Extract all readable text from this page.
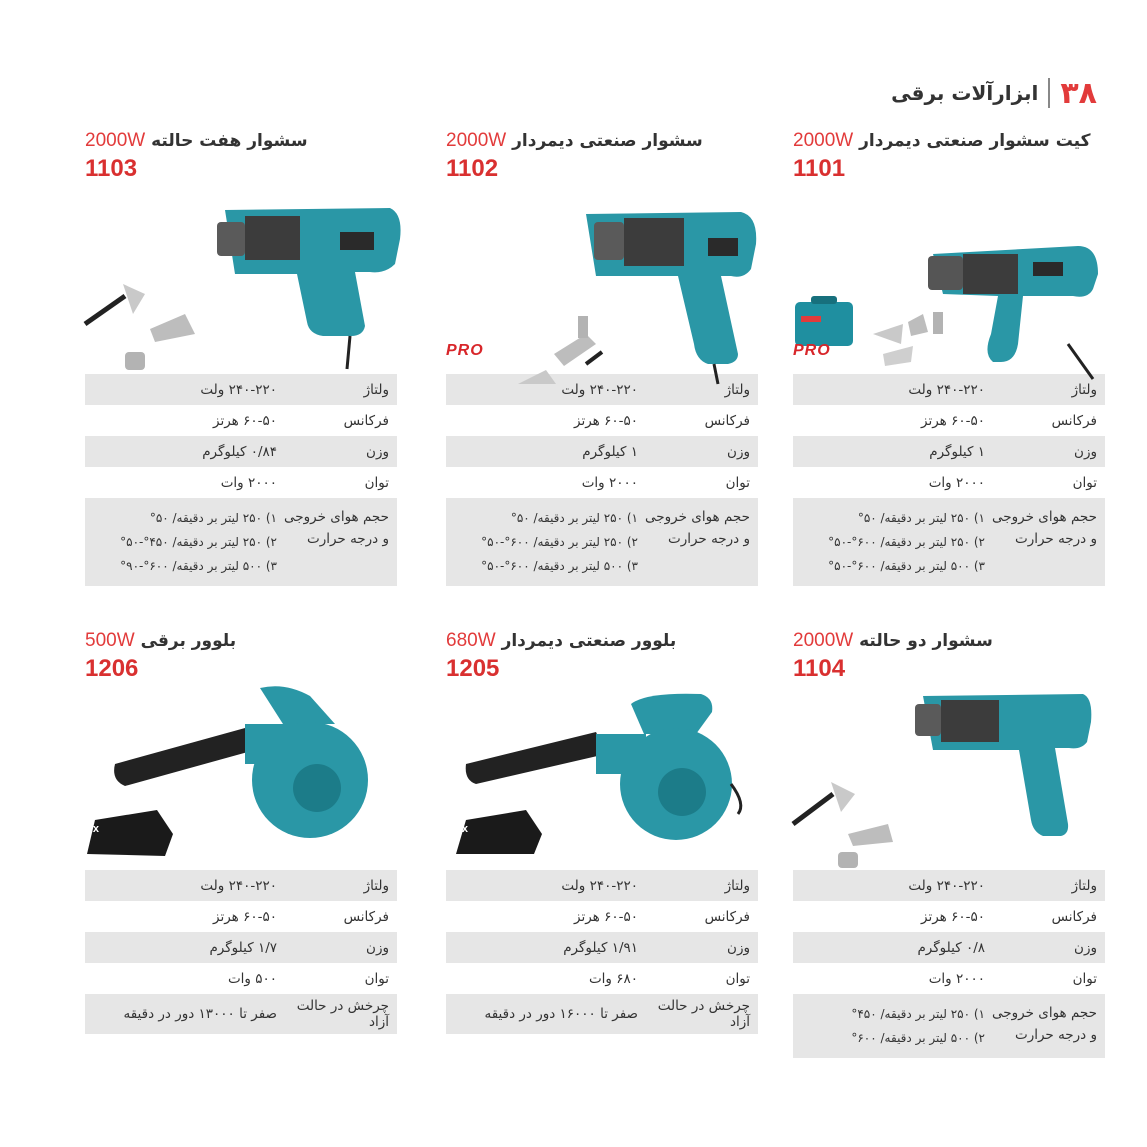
۳۸
ابزارآلات برقی
کیت سشوار صنعتی دیمردار 2000W
1101
PRO
ولتاژ
۲۴۰-۲۲۰ ولت
فرکانس
۶۰-۵۰ هرتز
وزن
۱ کیلوگرم
توان
۲۰۰۰ وات
حجم هوای خروجی و درجه حرارت
۱) ۲۵۰ لیتر بر دقیقه/ ۵۰°
۲) ۲۵۰ لیتر بر دقیقه/ ۶۰۰°-۵۰°
۳) ۵۰۰ لیتر بر دقیقه/ ۶۰۰°-۵۰°
سشوار صنعتی دیمردار 2000W
1102
PRO
ولتاژ
۲۴۰-۲۲۰ ولت
فرکانس
۶۰-۵۰ هرتز
وزن
۱ کیلوگرم
توان
۲۰۰۰ وات
حجم هوای خروجی و درجه حرارت
۱) ۲۵۰ لیتر بر دقیقه/ ۵۰°
۲) ۲۵۰ لیتر بر دقیقه/ ۶۰۰°-۵۰°
۳) ۵۰۰ لیتر بر دقیقه/ ۶۰۰°-۵۰°
سشوار هفت حالته 2000W
1103
ولتاژ
۲۴۰-۲۲۰ ولت
فرکانس
۶۰-۵۰ هرتز
وزن
۰/۸۴ کیلوگرم
توان
۲۰۰۰ وات
حجم هوای خروجی و درجه حرارت
۱) ۲۵۰ لیتر بر دقیقه/ ۵۰°
۲) ۲۵۰ لیتر بر دقیقه/ ۴۵۰°-۵۰°
۳) ۵۰۰ لیتر بر دقیقه/ ۶۰۰°-۹۰°
سشوار دو حالته 2000W
1104
ولتاژ
۲۴۰-۲۲۰ ولت
فرکانس
۶۰-۵۰ هرتز
وزن
۰/۸ کیلوگرم
توان
۲۰۰۰ وات
حجم هوای خروجی و درجه حرارت
۱) ۲۵۰ لیتر بر دقیقه/ ۴۵۰°
۲) ۵۰۰ لیتر بر دقیقه/ ۶۰۰°
بلوور صنعتی دیمردار 680W
1205
Ronix
ولتاژ
۲۴۰-۲۲۰ ولت
فرکانس
۶۰-۵۰ هرتز
وزن
۱/۹۱ کیلوگرم
توان
۶۸۰ وات
چرخش در حالت آزاد
صفر تا ۱۶۰۰۰ دور در دقیقه
بلوور برقی 500W
1206
Ronix
ولتاژ
۲۴۰-۲۲۰ ولت
فرکانس
۶۰-۵۰ هرتز
وزن
۱/۷ کیلوگرم
توان
۵۰۰ وات
چرخش در حالت آزاد
صفر تا ۱۳۰۰۰ دور در دقیقه
